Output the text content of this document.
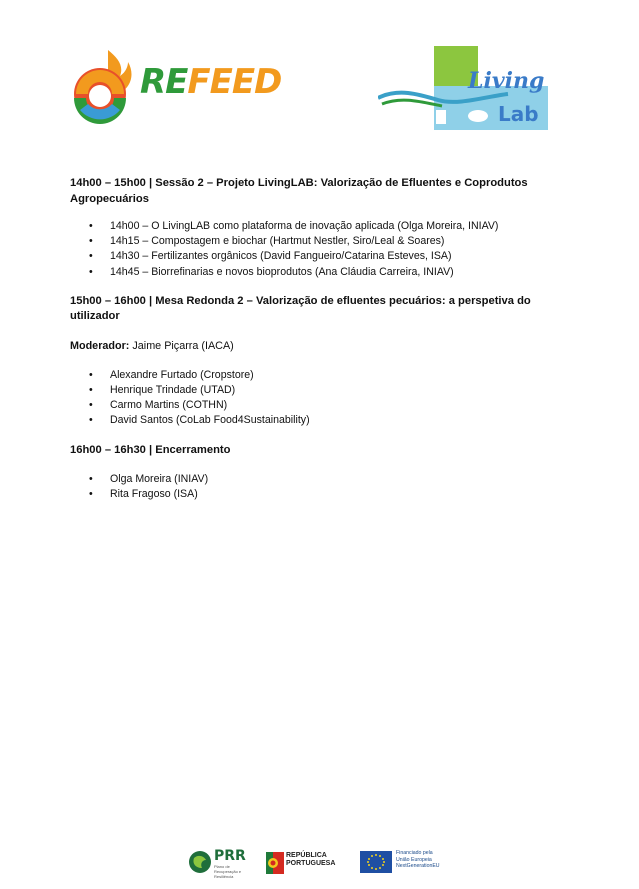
REFEED	Living
Lab

14h00 – 15h00 | Sessão 2 – Projeto LivingLAB: Valorização de Efluentes e Coprodutos Agropecuários

• 14h00 – O LivingLAB como plataforma de inovação aplicada (Olga Moreira, INIAV)
• 14h15 – Compostagem e biochar (Hartmut Nestler, Siro/Leal & Soares)
• 14h30 – Fertilizantes orgânicos (David Fangueiro/Catarina Esteves, ISA)
• 14h45 – Biorrefinarias e novos bioprodutos (Ana Cláudia Carreira, INIAV)

15h00 – 16h00 | Mesa Redonda 2 – Valorização de efluentes pecuários: a perspetiva do utilizador

Moderador: Jaime Piçarra (IACA)

• Alexandre Furtado (Cropstore)
• Henrique Trindade (UTAD)
• Carmo Martins (COTHN)
• David Santos (CoLab Food4Sustainability)

16h00 – 16h30 | Encerramento

• Olga Moreira (INIAV)
• Rita Fragoso (ISA)
PRR
Plano de Recuperação e Resiliência
REPÚBLICA
PORTUGUESA
Financiado pela
União Europeia
NextGenerationEU
